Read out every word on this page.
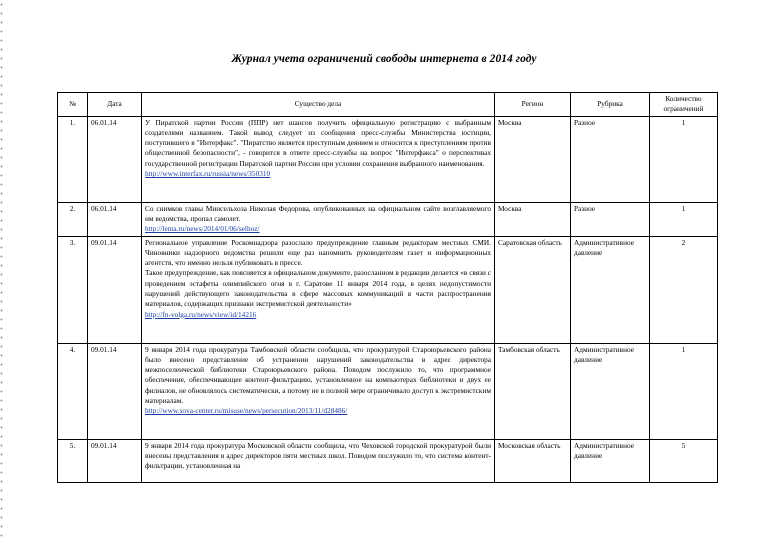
Журнал учета ограничений свободы интернета в 2014 году
№	Дата	Существо дела	Регион	Рубрика	Количество ограничений
1.	06.01.14	У Пиратской партии России (ППР) нет шансов получить официальную регистрацию с выбранным создателями названием. Такой вывод следует из сообщения пресс-службы Министерства юстиции, поступившего в "Интерфакс". "Пиратство является преступным деянием и относится к преступлениям против общественной безопасности", - говорится в ответе пресс-службы на вопрос "Интерфакса" о перспективах государственной регистрации Пиратской партии России при условии сохранения выбранного наименования.

http://www.interfax.ru/russia/news/350310	Москва	Разное	1
2.	06.01.14	Со снимков главы Минсельхоза Николая Федорова, опубликованных на официальном сайте возглавляемого им ведомства, пропал самолет.

http://lenta.ru/news/2014/01/06/selhoz/	Москва	Разное	1
3.	09.01.14	Региональное управление Роскомнадзора разослало предупреждение главным редакторам местных СМИ. Чиновники надзорного ведомства решили еще раз напомнить руководителям газет и информационных агентств, что именно нельзя публиковать в прессе.

Такое предупреждение, как поясняется в официальном документе, разосланном в редакции делается «в связи с проведением эстафеты олимпийского огня в г. Саратове 11 января 2014 года, в целях недопустимости нарушений действующего законодательства в сфере массовых коммуникаций в части распространения материалов, содержащих признаки экстремистской деятельности»

http://fn-volga.ru/news/view/id/14216	Саратовская область	Административное давление	2
4.	09.01.14	9 января 2014 года прокуратура Тамбовской области сообщила, что прокуратурой Староюрьевского района было внесено представление об устранении нарушений законодательства в адрес директора межпоселенческой библиотеки Староюрьевского района. Поводом послужило то, что программное обеспечение, обеспечивающее контент-фильтрацию, установленное на компьютерах библиотеки и двух ее филиалов, не обновлялось систематически, а потому не в полной мере ограничивало доступ к экстремистским материалам.

http://www.sova-center.ru/misuse/news/persecution/2013/11/d28486/	Тамбовская область	Административное давление	1
5.	09.01.14	9 января 2014 года прокуратура Московской области сообщила, что Чеховской городской прокуратурой были внесены представления в адрес директоров пяти местных школ. Поводом послужило то, что система контент-фильтрации, установленная на	Московская область	Административное давление	5
